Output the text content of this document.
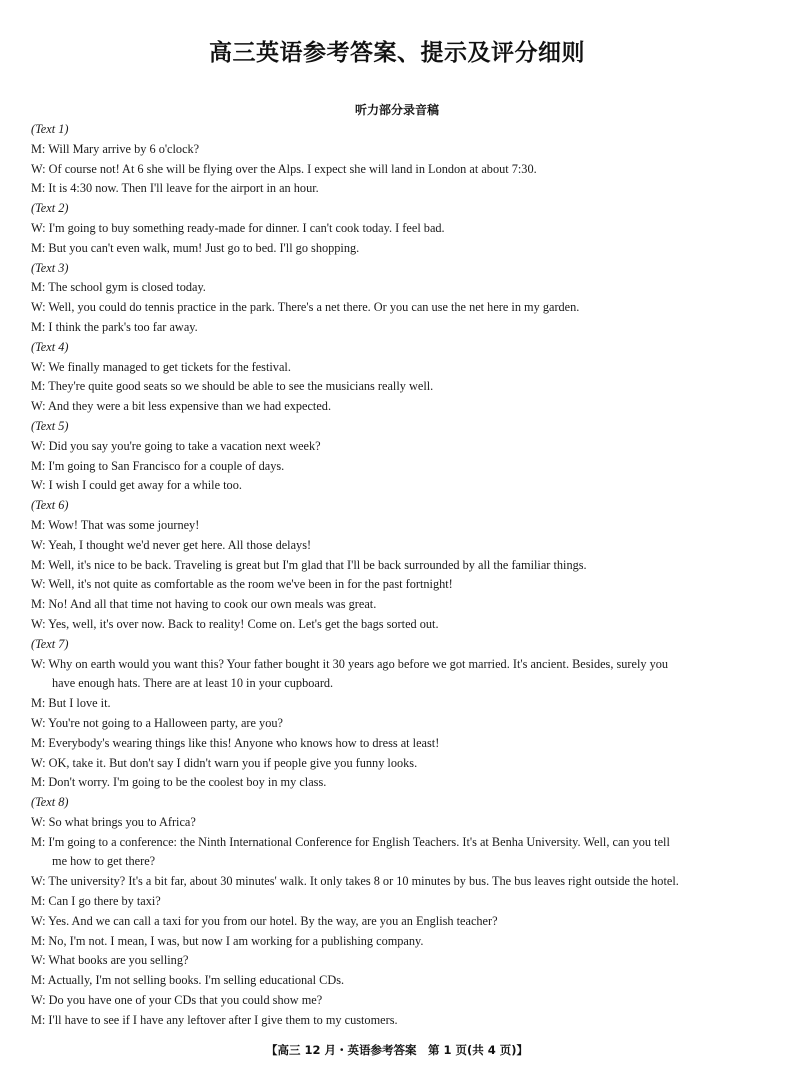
高三英语参考答案、提示及评分细则
听力部分录音稿
(Text 1)
M: Will Mary arrive by 6 o'clock?
W: Of course not! At 6 she will be flying over the Alps. I expect she will land in London at about 7:30.
M: It is 4:30 now. Then I'll leave for the airport in an hour.
(Text 2)
W: I'm going to buy something ready-made for dinner. I can't cook today. I feel bad.
M: But you can't even walk, mum! Just go to bed. I'll go shopping.
(Text 3)
M: The school gym is closed today.
W: Well, you could do tennis practice in the park. There's a net there. Or you can use the net here in my garden.
M: I think the park's too far away.
(Text 4)
W: We finally managed to get tickets for the festival.
M: They're quite good seats so we should be able to see the musicians really well.
W: And they were a bit less expensive than we had expected.
(Text 5)
W: Did you say you're going to take a vacation next week?
M: I'm going to San Francisco for a couple of days.
W: I wish I could get away for a while too.
(Text 6)
M: Wow! That was some journey!
W: Yeah, I thought we'd never get here. All those delays!
M: Well, it's nice to be back. Traveling is great but I'm glad that I'll be back surrounded by all the familiar things.
W: Well, it's not quite as comfortable as the room we've been in for the past fortnight!
M: No! And all that time not having to cook our own meals was great.
W: Yes, well, it's over now. Back to reality! Come on. Let's get the bags sorted out.
(Text 7)
W: Why on earth would you want this? Your father bought it 30 years ago before we got married. It's ancient. Besides, surely you
have enough hats. There are at least 10 in your cupboard.
M: But I love it.
W: You're not going to a Halloween party, are you?
M: Everybody's wearing things like this! Anyone who knows how to dress at least!
W: OK, take it. But don't say I didn't warn you if people give you funny looks.
M: Don't worry. I'm going to be the coolest boy in my class.
(Text 8)
W: So what brings you to Africa?
M: I'm going to a conference: the Ninth International Conference for English Teachers. It's at Benha University. Well, can you tell
me how to get there?
W: The university? It's a bit far, about 30 minutes' walk. It only takes 8 or 10 minutes by bus. The bus leaves right outside the hotel.
M: Can I go there by taxi?
W: Yes. And we can call a taxi for you from our hotel. By the way, are you an English teacher?
M: No, I'm not. I mean, I was, but now I am working for a publishing company.
W: What books are you selling?
M: Actually, I'm not selling books. I'm selling educational CDs.
W: Do you have one of your CDs that you could show me?
M: I'll have to see if I have any leftover after I give them to my customers.
【高三 12 月・英语参考答案　第 1 页(共 4 页)】
